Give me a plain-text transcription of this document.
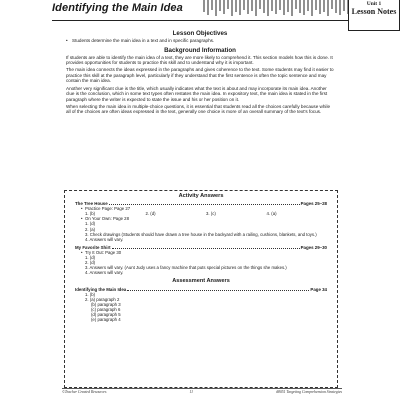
Identifying the Main Idea	Unit 1
Lesson Notes
Lesson Objectives
• Students determine the main idea in a text and in specific paragraphs.
Background Information

If students are able to identify the main idea of a text, they are more likely to comprehend it. This section models how this is done. It provides opportunities for students to practice this skill and to understand why it is important.

The main idea connects the ideas expressed in the paragraphs and gives coherence to the text. Some students may find it easier to practice this skill at the paragraph level, particularly if they understand that the first sentence is often the topic sentence and may contain the main idea.

Another very significant clue is the title, which usually indicates what the text is about and may incorporate its main idea. Another clue is the conclusion, which in some text types often restates the main idea. In expository text, the main idea is stated in the first paragraph where the writer is expected to state the issue and his or her position on it.

When selecting the main idea in multiple-choice questions, it is essential that students read all the choices carefully because while all of the choices are often ideas expressed in the text, generally one choice is more of an overall summary of the text's focus.

Activity Answers
The Tree House	Pages 25–28
• Practice Page: Page 27
1. (b)	2. (d)	3. (c)	4. (a)
• On Your Own: Page 28
1. (d)
2. (a)
3. Check drawings (Students should have drawn a tree house in the backyard with a railing, cushions, blankets, and toys.)
4. Answers will vary.
My Favorite Shirt	Pages 29–30
• Try It Out: Page 30
1. (d)
2. (d)
3. Answers will vary. (Aunt Judy uses a fancy machine that puts special pictures on the things she makes.)
4. Answers will vary.
Assessment Answers
Identifying the Main Idea	Page 34
1. (b)
2. (a) paragraph 2
(b) paragraph 3
(c) paragraph 6
(d) paragraph 5
(e) paragraph 4
©Teacher Created Resources	11	#8051 Targeting Comprehension Strategies
